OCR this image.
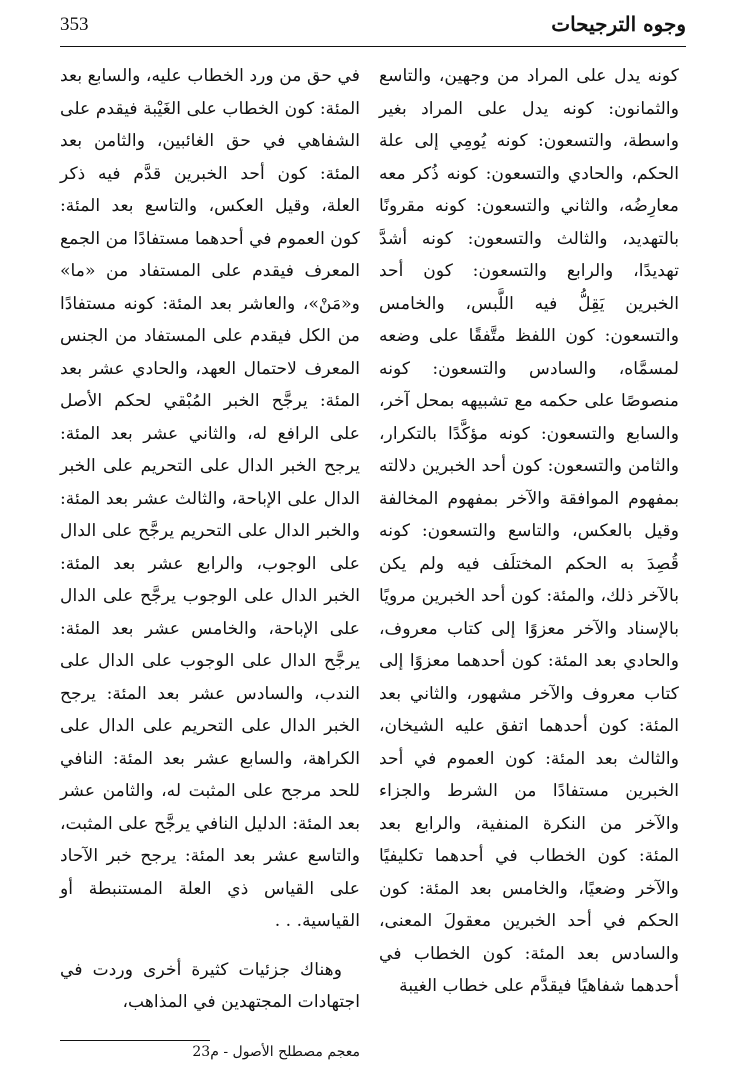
353	وجوه الترجيحات

كونه يدل على المراد من وجهين، والتاسع والثمانون: كونه يدل على المراد بغير واسطة، والتسعون: كونه يُومِي إلى علة الحكم، والحادي والتسعون: كونه ذُكر معه معارِضُه، والثاني والتسعون: كونه مقرونًا بالتهديد، والثالث والتسعون: كونه أشدَّ تهديدًا، والرابع والتسعون: كون أحد الخبرين يَقِلُّ فيه اللَّبس، والخامس والتسعون: كون اللفظ متَّفقًا على وضعه لمسمَّاه، والسادس والتسعون: كونه منصوصًا على حكمه مع تشبيهه بمحل آخر، والسابع والتسعون: كونه مؤكَّدًا بالتكرار، والثامن والتسعون: كون أحد الخبرين دلالته بمفهوم الموافقة والآخر بمفهوم المخالفة وقيل بالعكس، والتاسع والتسعون: كونه قُصِدَ به الحكم المختلَف فيه ولم يكن بالآخر ذلك، والمئة: كون أحد الخبرين مرويًا بالإسناد والآخر معزوًا إلى كتاب معروف، والحادي بعد المئة: كون أحدهما معزوًا إلى كتاب معروف والآخر مشهور، والثاني بعد المئة: كون أحدهما اتفق عليه الشيخان، والثالث بعد المئة: كون العموم في أحد الخبرين مستفادًا من الشرط والجزاء والآخر من النكرة المنفية، والرابع بعد المئة: كون الخطاب في أحدهما تكليفيًا والآخر وضعيًا، والخامس بعد المئة: كون الحكم في أحد الخبرين معقولَ المعنى، والسادس بعد المئة: كون الخطاب في أحدهما شفاهيًا فيقدَّم على خطاب الغيبة

في حق من ورد الخطاب عليه، والسابع بعد المئة: كون الخطاب على الغَيْبة فيقدم على الشفاهي في حق الغائبين، والثامن بعد المئة: كون أحد الخبرين قدَّم فيه ذكر العلة، وقيل العكس، والتاسع بعد المئة: كون العموم في أحدهما مستفادًا من الجمع المعرف فيقدم على المستفاد من «ما» و«مَنْ»، والعاشر بعد المئة: كونه مستفادًا من الكل فيقدم على المستفاد من الجنس المعرف لاحتمال العهد، والحادي عشر بعد المئة: يرجَّح الخبر المُبْقي لحكم الأصل على الرافع له، والثاني عشر بعد المئة: يرجح الخبر الدال على التحريم على الخبر الدال على الإباحة، والثالث عشر بعد المئة: والخبر الدال على التحريم يرجَّح على الدال على الوجوب، والرابع عشر بعد المئة: الخبر الدال على الوجوب يرجَّح على الدال على الإباحة، والخامس عشر بعد المئة: يرجَّح الدال على الوجوب على الدال على الندب، والسادس عشر بعد المئة: يرجح الخبر الدال على التحريم على الدال على الكراهة، والسابع عشر بعد المئة: النافي للحد مرجح على المثبت له، والثامن عشر بعد المئة: الدليل النافي يرجَّح على المثبت، والتاسع عشر بعد المئة: يرجح خبر الآحاد على القياس ذي العلة المستنبطة أو القياسية. . .

وهناك جزئيات كثيرة أخرى وردت في اجتهادات المجتهدين في المذاهب،

معجم مصطلح الأصول - م23
